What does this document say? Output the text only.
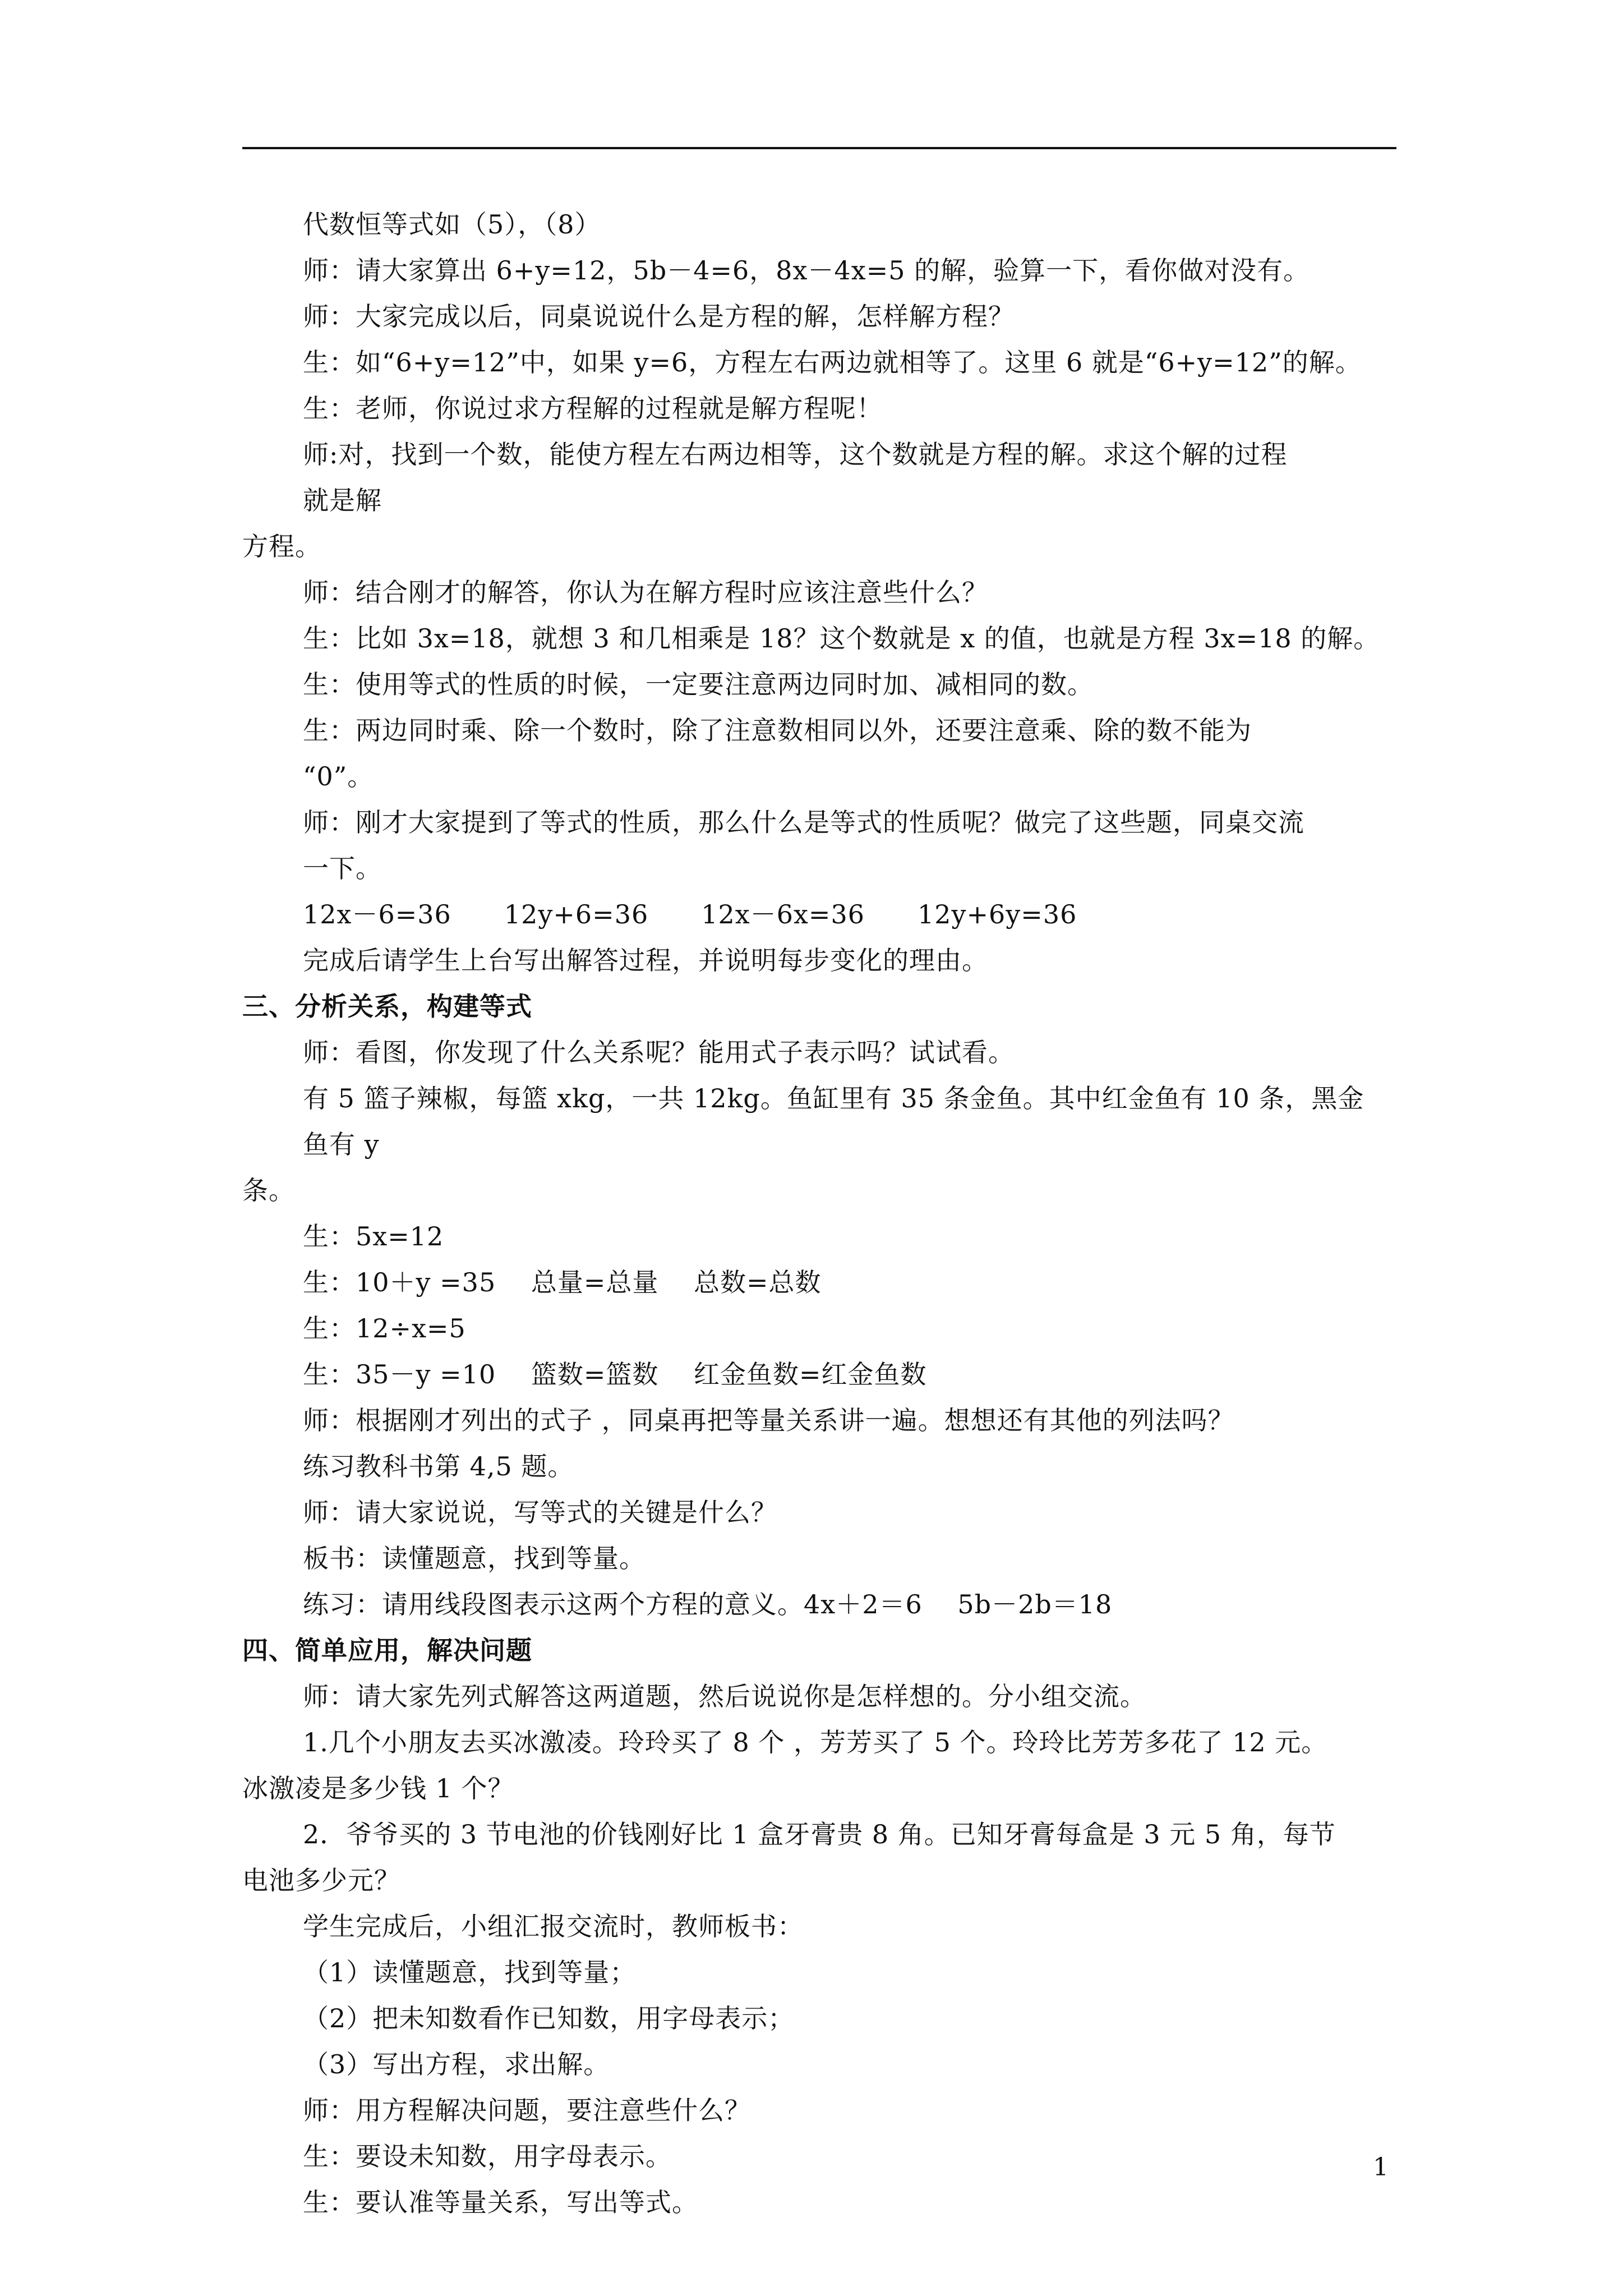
代数恒等式如（5），（8）
师：请大家算出 6+y=12，5b－4=6，8x－4x=5 的解，验算一下，看你做对没有。
师：大家完成以后，同桌说说什么是方程的解，怎样解方程？
生：如“6+y=12”中，如果 y=6，方程左右两边就相等了。这里 6 就是“6+y=12”的解。
生：老师，你说过求方程解的过程就是解方程呢！
师:对，找到一个数，能使方程左右两边相等，这个数就是方程的解。求这个解的过程
就是解
方程。
师：结合刚才的解答，你认为在解方程时应该注意些什么？
生：比如 3x=18，就想 3 和几相乘是 18？这个数就是 x 的值，也就是方程 3x=18 的解。
生：使用等式的性质的时候，一定要注意两边同时加、减相同的数。
生：两边同时乘、除一个数时，除了注意数相同以外，还要注意乘、除的数不能为
“0”。
师：刚才大家提到了等式的性质，那么什么是等式的性质呢？做完了这些题，同桌交流
一下。
12x－6=36　　12y+6=36　　12x－6x=36　　12y+6y=36
完成后请学生上台写出解答过程，并说明每步变化的理由。
三、分析关系，构建等式
师：看图，你发现了什么关系呢？能用式子表示吗？试试看。
有 5 篮子辣椒，每篮 xkg，一共 12kg。鱼缸里有 35 条金鱼。其中红金鱼有 10 条，黑金
鱼有 y
条。
生：5x=12
生：10＋y =35　 总量=总量　 总数=总数
生：12÷x=5
生：35－y =10　 篮数=篮数　 红金鱼数=红金鱼数
师：根据刚才列出的式子 ，同桌再把等量关系讲一遍。想想还有其他的列法吗？
练习教科书第 4,5 题。
师：请大家说说，写等式的关键是什么？
板书：读懂题意，找到等量。
练习：请用线段图表示这两个方程的意义。4x＋2＝6　 5b－2b＝18
四、简单应用，解决问题
师：请大家先列式解答这两道题，然后说说你是怎样想的。分小组交流。
1.几个小朋友去买冰激凌。玲玲买了 8 个 ，芳芳买了 5 个。玲玲比芳芳多花了 12 元。
冰激凌是多少钱 1 个？
2．爷爷买的 3 节电池的价钱刚好比 1 盒牙膏贵 8 角。已知牙膏每盒是 3 元 5 角，每节
电池多少元？
学生完成后，小组汇报交流时，教师板书：
（1）读懂题意，找到等量；
（2）把未知数看作已知数，用字母表示；
（3）写出方程，求出解。
师：用方程解决问题，要注意些什么？
生：要设未知数，用字母表示。
生：要认准等量关系，写出等式。
1
